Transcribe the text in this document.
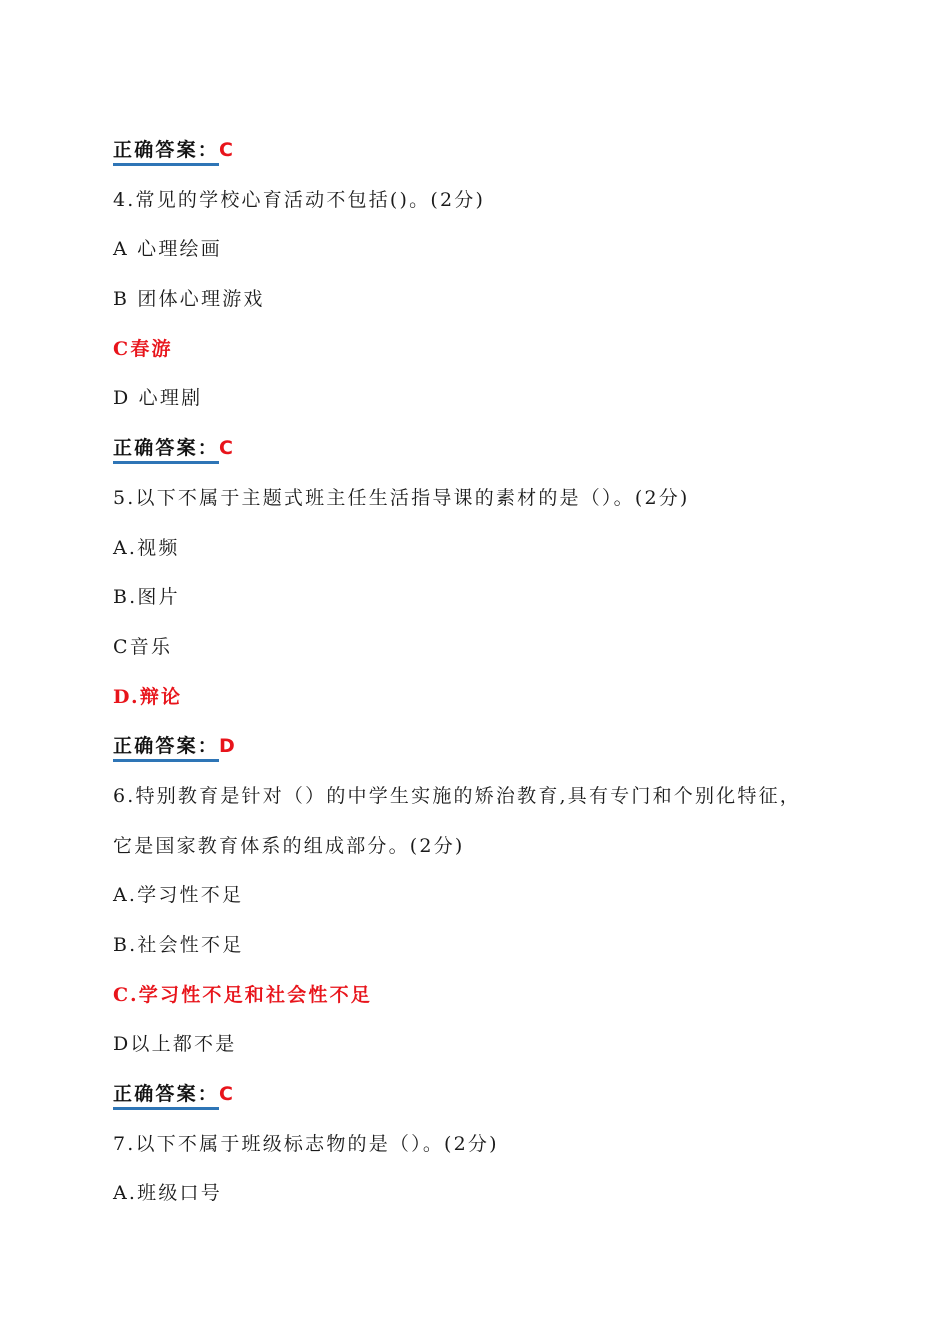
正确答案：C
4.常见的学校心育活动不包括()。(2分)
A 心理绘画
B 团体心理游戏
C春游
D 心理剧
正确答案：C
5.以下不属于主题式班主任生活指导课的素材的是（）。(2分)
A.视频
B.图片
C音乐
D.辩论
正确答案：D
6.特别教育是针对（）的中学生实施的矫治教育,具有专门和个别化特征，
它是国家教育体系的组成部分。(2分)
A.学习性不足
B.社会性不足
C.学习性不足和社会性不足
D以上都不是
正确答案：C
7.以下不属于班级标志物的是（）。(2分)
A.班级口号
